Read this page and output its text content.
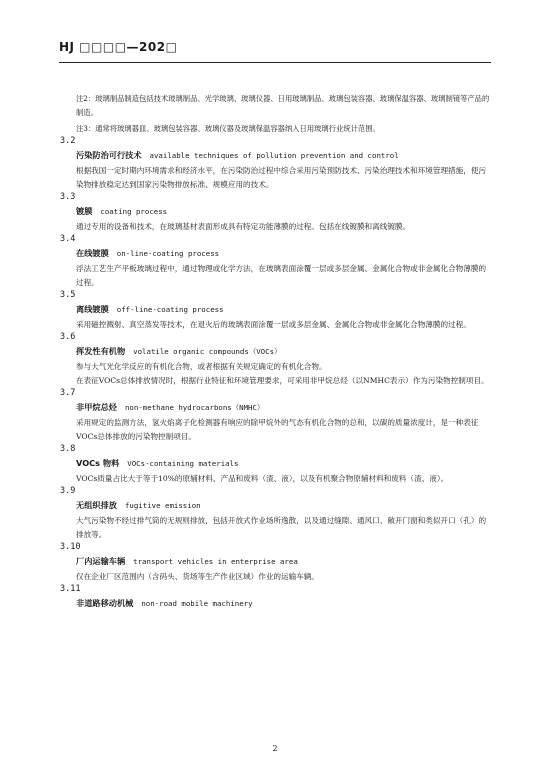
HJ □□□□—202□

注2：玻璃制品制造包括技术玻璃制品、光学玻璃、玻璃仪器、日用玻璃制品、玻璃包装容器、玻璃保温容器、玻璃制镜等产品的制造。

注3：通常将玻璃器皿、玻璃包装容器、玻璃仪器及玻璃保温容器纳入日用玻璃行业统计范围。

3.2

污染防治可行技术 available techniques of pollution prevention and control

根据我国一定时期内环境需求和经济水平，在污染防治过程中综合采用污染预防技术、污染治理技术和环境管理措施，使污染物排放稳定达到国家污染物排放标准、规模应用的技术。

3.3

镀膜 coating process

通过专用的设备和技术，在玻璃基材表面形成具有特定功能薄膜的过程。包括在线镀膜和离线镀膜。

3.4

在线镀膜 on-line-coating process

浮法工艺生产平板玻璃过程中，通过物理或化学方法，在玻璃表面涂覆一层或多层金属、金属化合物或非金属化合物薄膜的过程。

3.5

离线镀膜 off-line-coating process

采用磁控溅射、真空蒸发等技术，在退火后的玻璃表面涂覆一层或多层金属、金属化合物或非金属化合物薄膜的过程。

3.6

挥发性有机物 volatile organic compounds（VOCs）

参与大气光化学反应的有机化合物，或者根据有关规定确定的有机化合物。

在表征VOCs总体排放情况时，根据行业特征和环境管理要求，可采用非甲烷总烃（以NMHC表示）作为污染物控制项目。

3.7

非甲烷总烃 non-methane hydrocarbons（NMHC）

采用规定的监测方法，氢火焰离子化检测器有响应的除甲烷外的气态有机化合物的总和，以碳的质量浓度计，是一种表征VOCs总体排放的污染物控制项目。

3.8

VOCs 物料 VOCs-containing materials

VOCs质量占比大于等于10%的原辅材料、产品和废料（渣、液），以及有机聚合物原辅材料和废料（渣、液）。

3.9

无组织排放 fugitive emission

大气污染物不经过排气筒的无规则排放，包括开放式作业场所逸散，以及通过缝隙、通风口、敞开门窗和类似开口（孔）的排放等。

3.10

厂内运输车辆 transport vehicles in enterprise area

仅在企业厂区范围内（含码头、货场等生产作业区域）作业的运输车辆。

3.11

非道路移动机械 non-road mobile machinery

2
